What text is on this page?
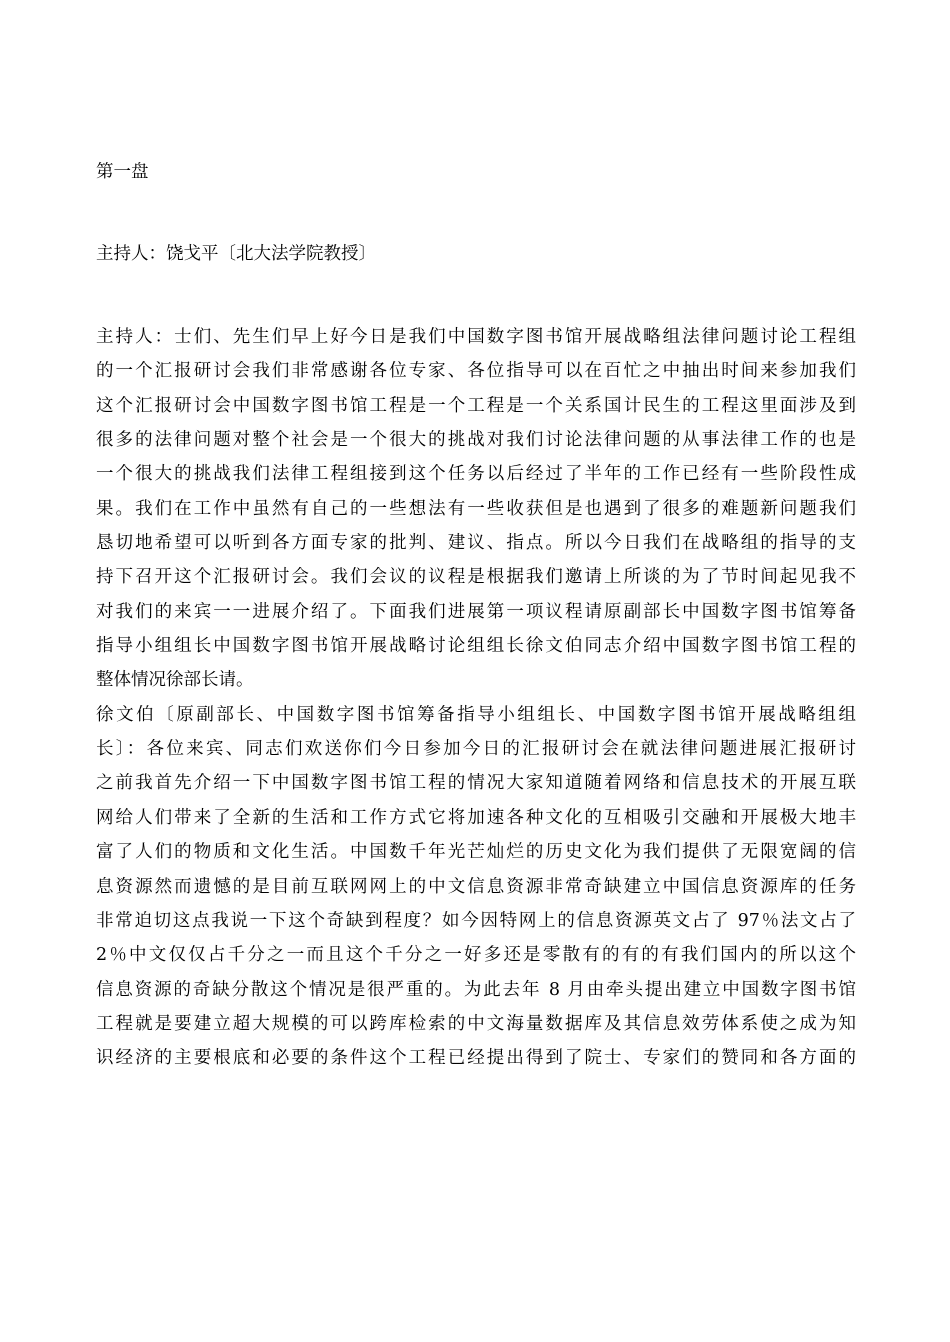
第一盘
主持人：饶戈平〔北大法学院教授〕
主持人：士们、先生们早上好今日是我们中国数字图书馆开展战略组法律问题讨论工程组
的一个汇报研讨会我们非常感谢各位专家、各位指导可以在百忙之中抽出时间来参加我们
这个汇报研讨会中国数字图书馆工程是一个工程是一个关系国计民生的工程这里面涉及到
很多的法律问题对整个社会是一个很大的挑战对我们讨论法律问题的从事法律工作的也是
一个很大的挑战我们法律工程组接到这个任务以后经过了半年的工作已经有一些阶段性成
果。我们在工作中虽然有自己的一些想法有一些收获但是也遇到了很多的难题新问题我们
恳切地希望可以听到各方面专家的批判、建议、指点。所以今日我们在战略组的指导的支
持下召开这个汇报研讨会。我们会议的议程是根据我们邀请上所谈的为了节时间起见我不
对我们的来宾一一进展介绍了。下面我们进展第一项议程请原副部长中国数字图书馆筹备
指导小组组长中国数字图书馆开展战略讨论组组长徐文伯同志介绍中国数字图书馆工程的
整体情况徐部长请。
徐文伯〔原副部长、中国数字图书馆筹备指导小组组长、中国数字图书馆开展战略组组
长〕：各位来宾、同志们欢送你们今日参加今日的汇报研讨会在就法律问题进展汇报研讨
之前我首先介绍一下中国数字图书馆工程的情况大家知道随着网络和信息技术的开展互联
网给人们带来了全新的生活和工作方式它将加速各种文化的互相吸引交融和开展极大地丰
富了人们的物质和文化生活。中国数千年光芒灿烂的历史文化为我们提供了无限宽阔的信
息资源然而遗憾的是目前互联网网上的中文信息资源非常奇缺建立中国信息资源库的任务
非常迫切这点我说一下这个奇缺到程度？如今因特网上的信息资源英文占了 97％法文占了
2％中文仅仅占千分之一而且这个千分之一好多还是零散有的有的有我们国内的所以这个
信息资源的奇缺分散这个情况是很严重的。为此去年 8 月由牵头提出建立中国数字图书馆
工程就是要建立超大规模的可以跨库检索的中文海量数据库及其信息效劳体系使之成为知
识经济的主要根底和必要的条件这个工程已经提出得到了院士、专家们的赞同和各方面的
